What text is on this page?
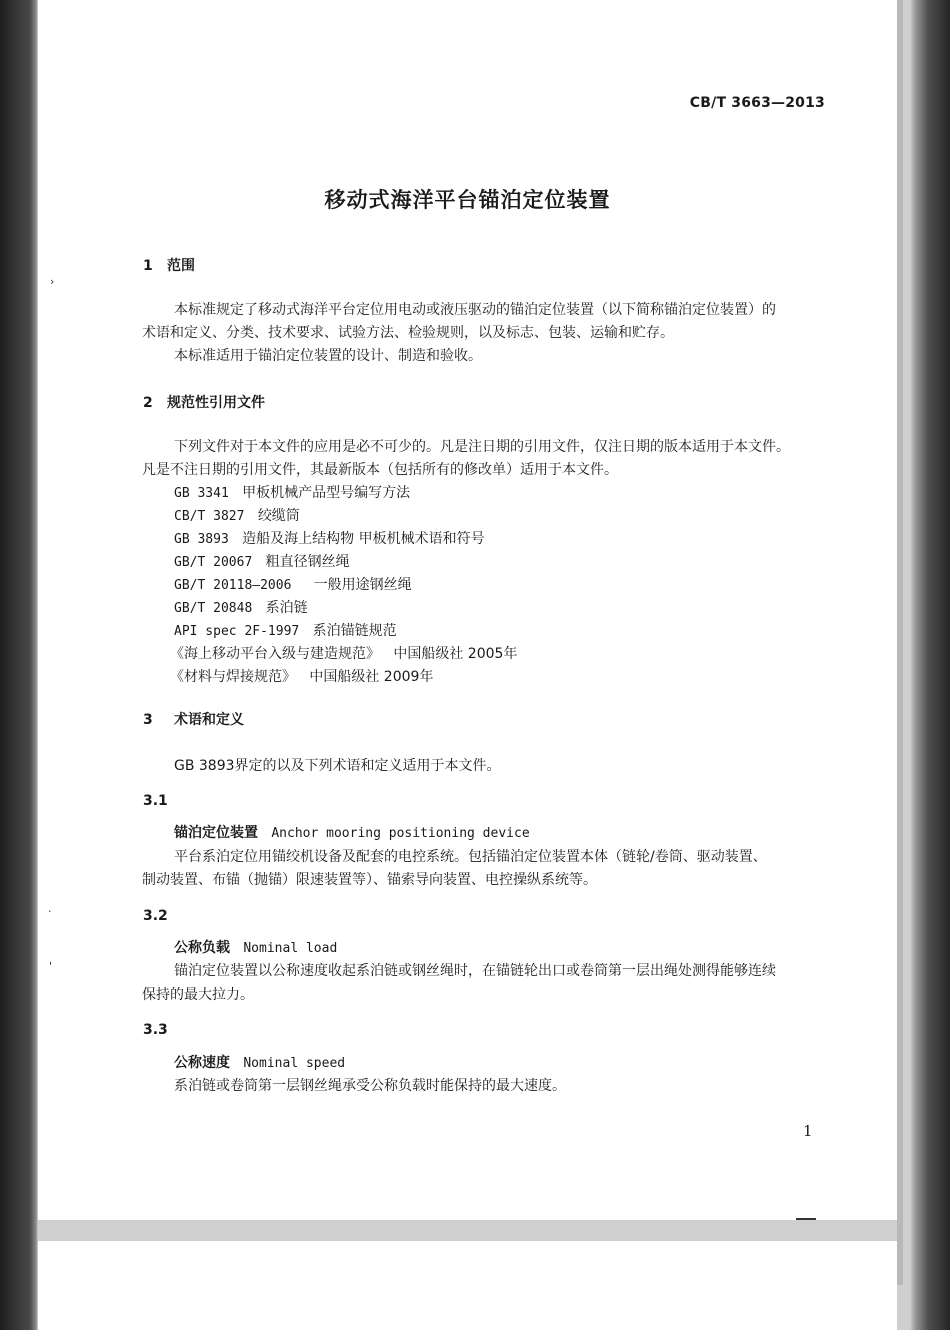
CB/T 3663—2013
移动式海洋平台锚泊定位装置
1 范围
本标准规定了移动式海洋平台定位用电动或液压驱动的锚泊定位装置（以下简称锚泊定位装置）的
术语和定义、分类、技术要求、试验方法、检验规则，以及标志、包装、运输和贮存。
本标准适用于锚泊定位装置的设计、制造和验收。
2 规范性引用文件
下列文件对于本文件的应用是必不可少的。凡是注日期的引用文件，仅注日期的版本适用于本文件。
凡是不注日期的引用文件，其最新版本（包括所有的修改单）适用于本文件。
GB 3341 甲板机械产品型号编写方法
CB/T 3827 绞缆筒
GB 3893 造船及海上结构物 甲板机械术语和符号
GB/T 20067 粗直径钢丝绳
GB/T 20118—2006 一般用途钢丝绳
GB/T 20848 系泊链
API spec 2F-1997 系泊锚链规范
《海上移动平台入级与建造规范》 中国船级社 2005年
《材料与焊接规范》 中国船级社 2009年
3 术语和定义
GB 3893界定的以及下列术语和定义适用于本文件。
3.1
锚泊定位装置 Anchor mooring positioning device
平台系泊定位用锚绞机设备及配套的电控系统。包括锚泊定位装置本体（链轮/卷筒、驱动装置、
制动装置、布锚（抛锚）限速装置等）、锚索导向装置、电控操纵系统等。
3.2
公称负载 Nominal load
锚泊定位装置以公称速度收起系泊链或钢丝绳时，在锚链轮出口或卷筒第一层出绳处测得能够连续
保持的最大拉力。
3.3
公称速度 Nominal speed
系泊链或卷筒第一层钢丝绳承受公称负载时能保持的最大速度。
1
›
·
'
